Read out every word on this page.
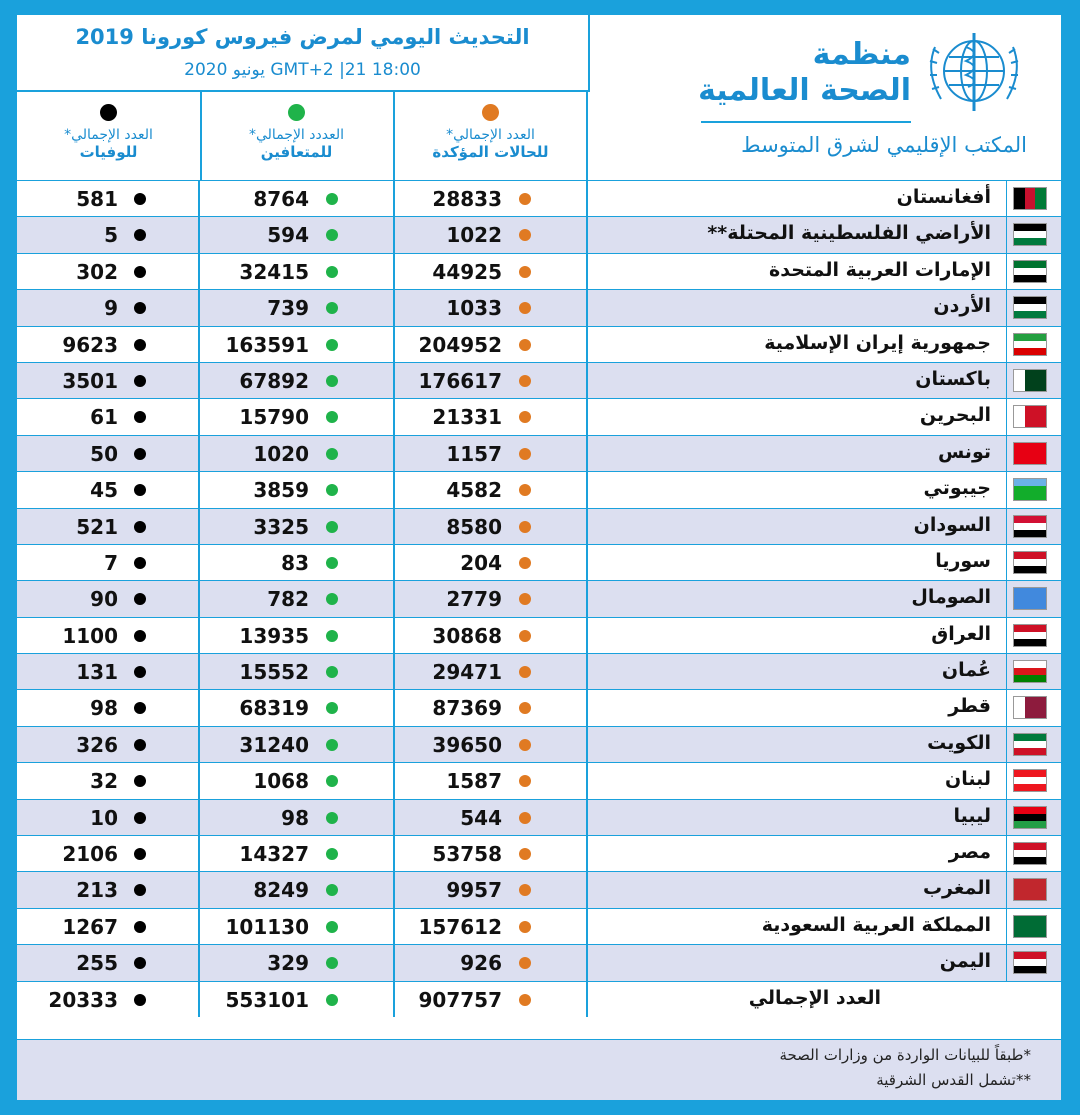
التحديث اليومي لمرض فيروس كورونا 2019
18:00 GMT+2 |21 يونيو 2020	منظمة
الصحة العالمية
المكتب الإقليمي لشرق المتوسط
العدد الإجمالي*
للوفيات
العددد الإجمالي*
للمتعافين
العدد الإجمالي*
للحالات المؤكدة
581	8764	28833	أفغانستان
5	594	1022	الأراضي الفلسطينية المحتلة**
302	32415	44925	الإمارات العربية المتحدة
9	739	1033	الأردن
9623	163591	204952	جمهورية إيران الإسلامية
3501	67892	176617	باكستان
61	15790	21331	البحرين
50	1020	1157	تونس
45	3859	4582	جيبوتي
521	3325	8580	السودان
7	83	204	سوريا
90	782	2779	الصومال
1100	13935	30868	العراق
131	15552	29471	عُمان
98	68319	87369	قطر
326	31240	39650	الكويت
32	1068	1587	لبنان
10	98	544	ليبيا
2106	14327	53758	مصر
213	8249	9957	المغرب
1267	101130	157612	المملكة العربية السعودية
255	329	926	اليمن
20333	553101	907757	العدد الإجمالي
*طبقاً للبيانات الواردة من وزارات الصحة
**تشمل القدس الشرقية
